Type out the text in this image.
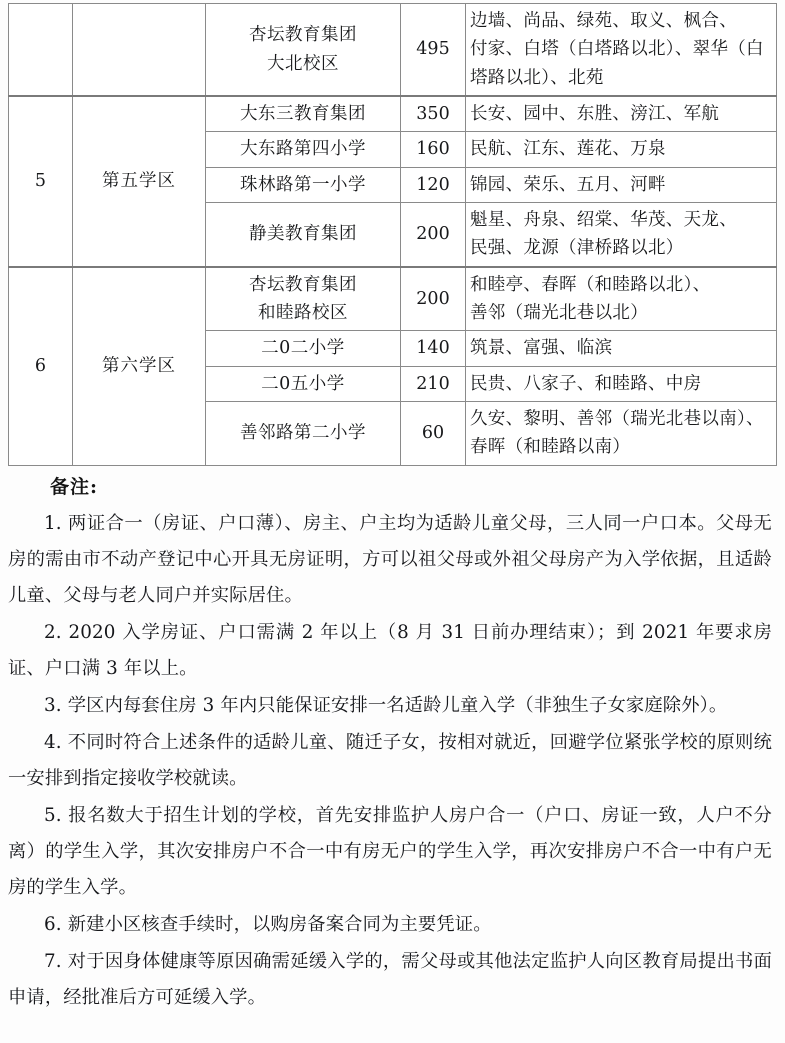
		杏坛教育集团
大北校区	495	边墙、尚品、绿苑、取义、枫合、
付家、白塔（白塔路以北）、翠华（白
塔路以北）、北苑

5	第五学区	大东三教育集团	350	长安、园中、东胜、滂江、军航

		大东路第四小学	160	民航、江东、莲花、万泉

		珠林路第一小学	120	锦园、荣乐、五月、河畔

		静美教育集团	200	魁星、舟泉、绍棠、华茂、天龙、
民强、龙源（津桥路以北）

6	第六学区	杏坛教育集团
和睦路校区	200	和睦亭、春晖（和睦路以北）、
善邻（瑞光北巷以北）

		二0二小学	140	筑景、富强、临滨

		二0五小学	210	民贵、八家子、和睦路、中房

		善邻路第二小学	60	久安、黎明、善邻（瑞光北巷以南）、
春晖（和睦路以南）
备注:

1. 两证合一（房证、户口薄）、房主、户主均为适龄儿童父母，三人同一户口本。父母无房的需由市不动产登记中心开具无房证明，方可以祖父母或外祖父母房产为入学依据，且适龄儿童、父母与老人同户并实际居住。

2. 2020 入学房证、户口需满 2 年以上（8 月 31 日前办理结束）；到 2021 年要求房证、户口满 3 年以上。

3. 学区内每套住房 3 年内只能保证安排一名适龄儿童入学（非独生子女家庭除外）。

4. 不同时符合上述条件的适龄儿童、随迁子女，按相对就近，回避学位紧张学校的原则统一安排到指定接收学校就读。

5. 报名数大于招生计划的学校，首先安排监护人房户合一（户口、房证一致，人户不分离）的学生入学，其次安排房户不合一中有房无户的学生入学，再次安排房户不合一中有户无房的学生入学。

6. 新建小区核查手续时，以购房备案合同为主要凭证。

7. 对于因身体健康等原因确需延缓入学的，需父母或其他法定监护人向区教育局提出书面申请，经批准后方可延缓入学。
